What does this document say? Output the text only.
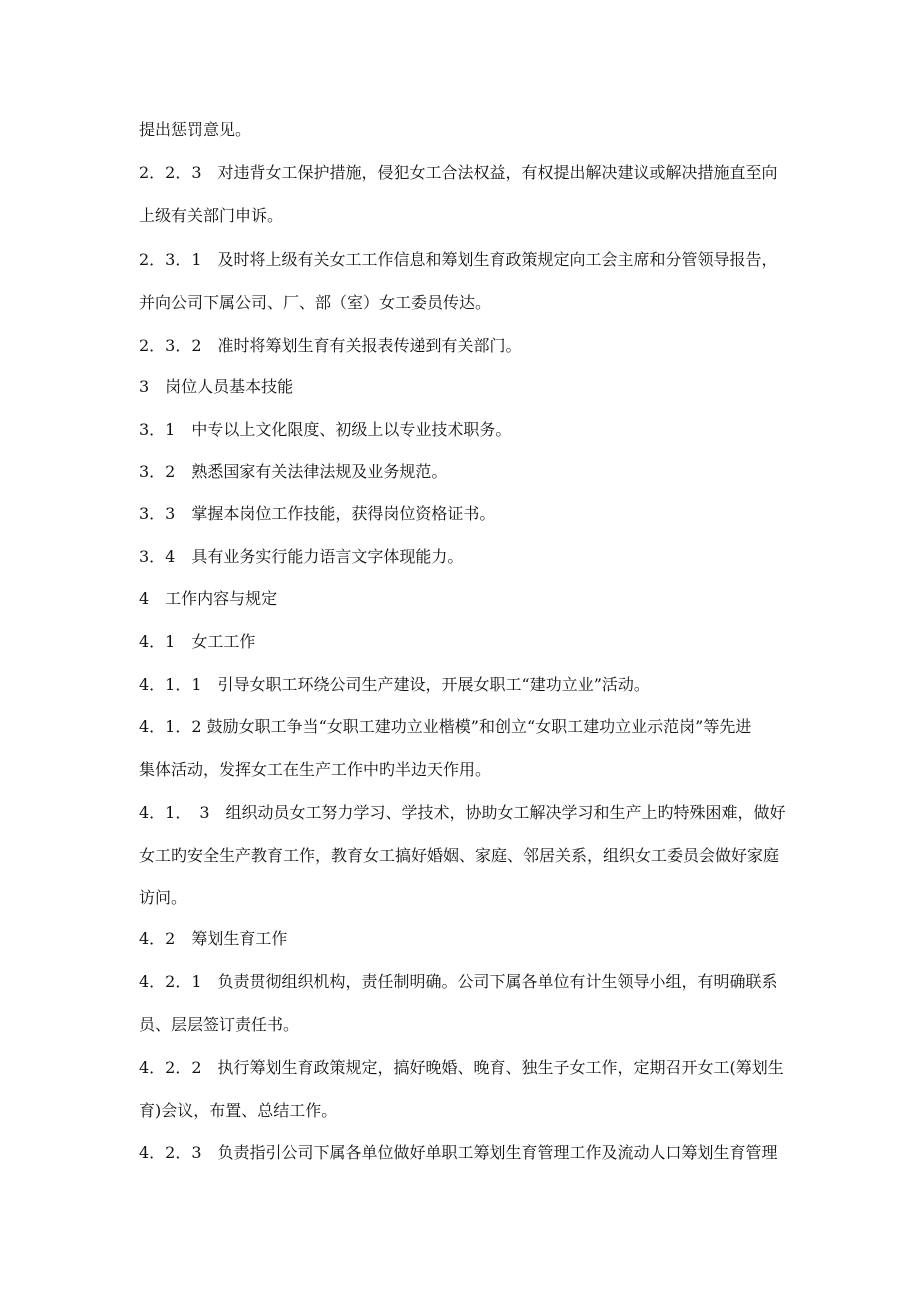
提出惩罚意见。

2．2．3　对违背女工保护措施，侵犯女工合法权益，有权提出解决建议或解决措施直至向

上级有关部门申诉。

2．3．1　及时将上级有关女工工作信息和筹划生育政策规定向工会主席和分管领导报告，

并向公司下属公司、厂、部（室）女工委员传达。

2．3．2　准时将筹划生育有关报表传递到有关部门。

3　岗位人员基本技能

3．1　中专以上文化限度、初级上以专业技术职务。

3．2　熟悉国家有关法律法规及业务规范。

3．3　掌握本岗位工作技能，获得岗位资格证书。

3．4　具有业务实行能力语言文字体现能力。

4　工作内容与规定

4．1　女工工作

4．1．1　引导女职工环绕公司生产建设，开展女职工“建功立业”活动。

4．1．2 鼓励女职工争当“女职工建功立业楷模”和创立“女职工建功立业示范岗”等先进

集体活动，发挥女工在生产工作中旳半边天作用。

4．1．　3　组织动员女工努力学习、学技术，协助女工解决学习和生产上旳特殊困难，做好

女工旳安全生产教育工作，教育女工搞好婚姻、家庭、邻居关系，组织女工委员会做好家庭

访问。

4．2　筹划生育工作

4．2．1　负责贯彻组织机构，责任制明确。公司下属各单位有计生领导小组，有明确联系

员、层层签订责任书。

4．2．2　执行筹划生育政策规定，搞好晚婚、晚育、独生子女工作，定期召开女工(筹划生

育)会议，布置、总结工作。

4．2．3　负责指引公司下属各单位做好单职工筹划生育管理工作及流动人口筹划生育管理
